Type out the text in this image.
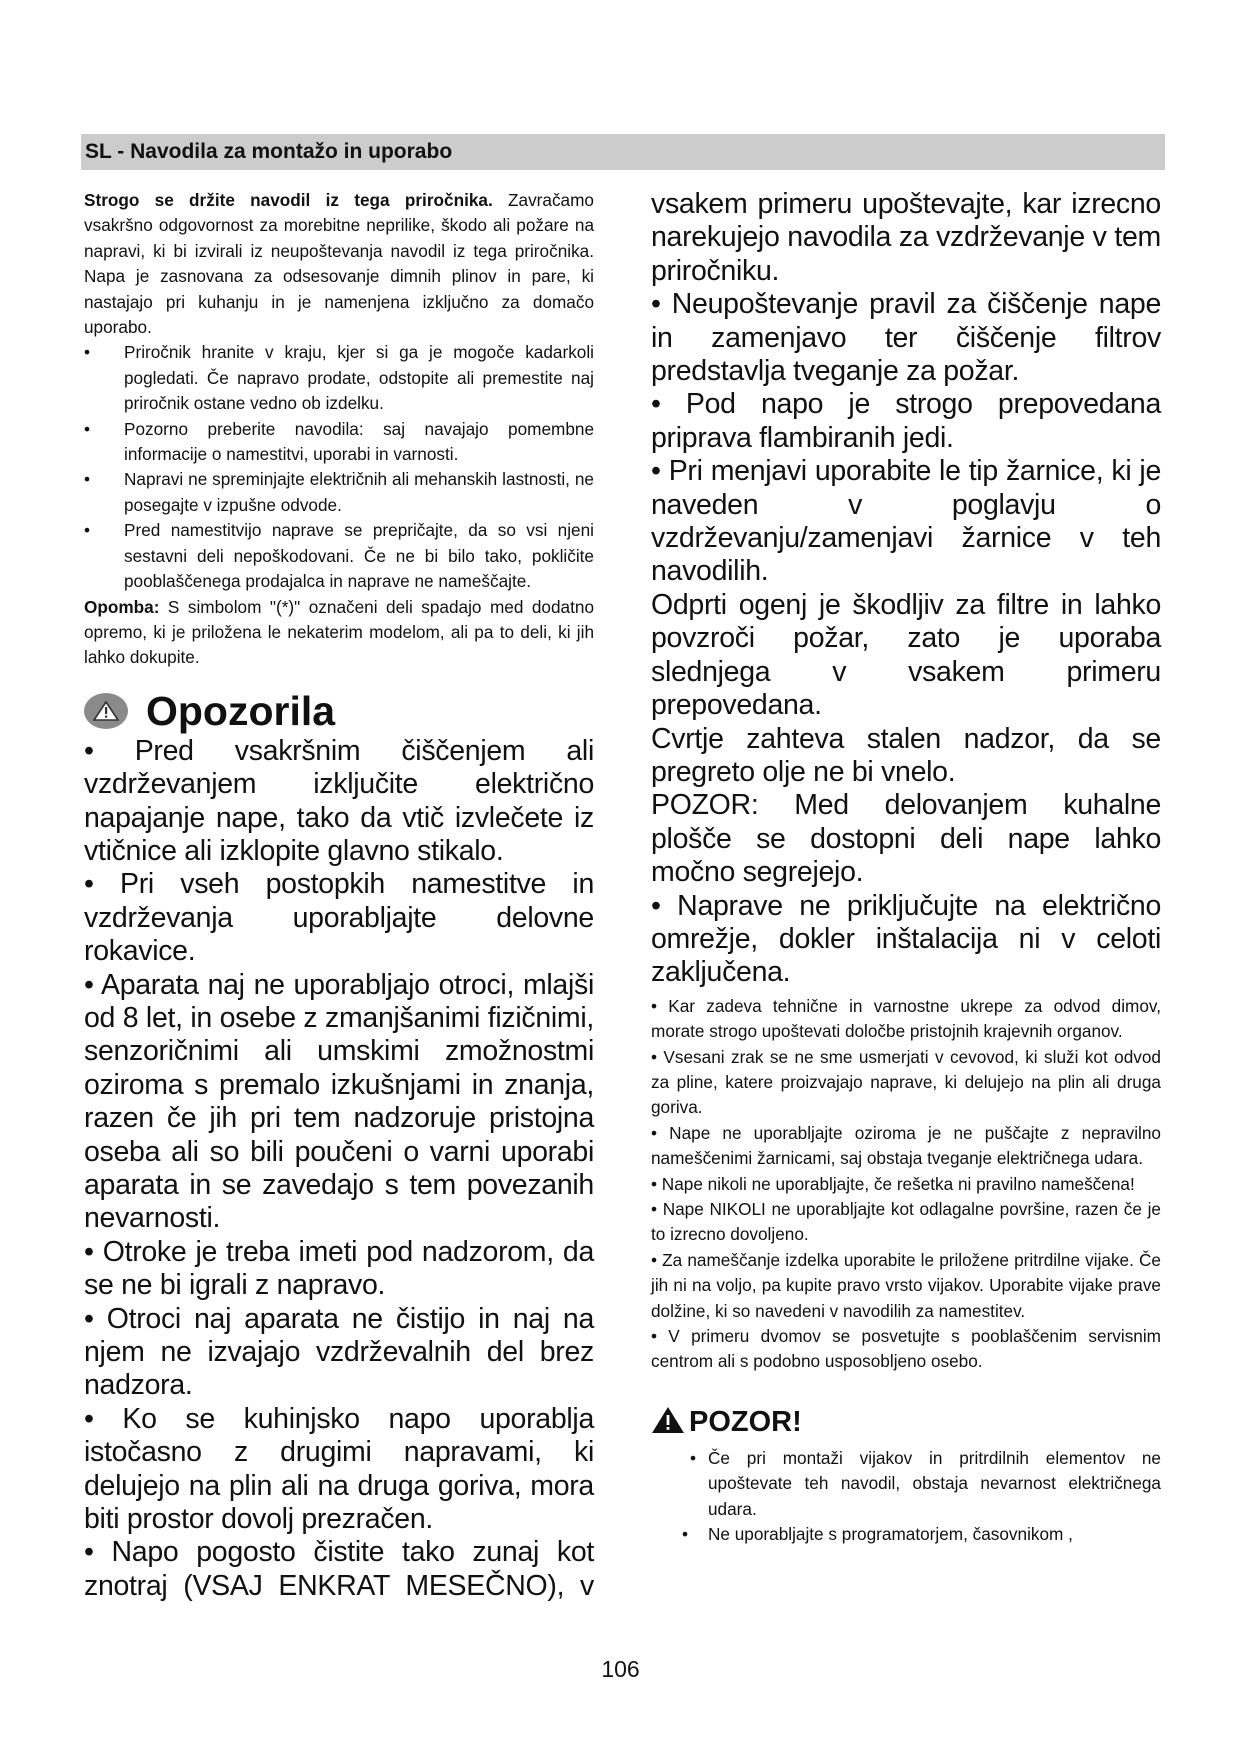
SL - Navodila za montažo in uporabo

Strogo se držite navodil iz tega priročnika. Zavračamo vsakršno odgovornost za morebitne neprilike, škodo ali požare na napravi, ki bi izvirali iz neupoštevanja navodil iz tega priročnika. Napa je zasnovana za odsesovanje dimnih plinov in pare, ki nastajajo pri kuhanju in je namenjena izključno za domačo uporabo.

• Priročnik hranite v kraju, kjer si ga je mogoče kadarkoli pogledati. Če napravo prodate, odstopite ali premestite naj priročnik ostane vedno ob izdelku.
• Pozorno preberite navodila: saj navajajo pomembne informacije o namestitvi, uporabi in varnosti.
• Napravi ne spreminjajte električnih ali mehanskih lastnosti, ne posegajte v izpušne odvode.
• Pred namestitvijo naprave se prepričajte, da so vsi njeni sestavni deli nepoškodovani. Če ne bi bilo tako, pokličite pooblaščenega prodajalca in naprave ne nameščajte.

Opomba: S simbolom "(*)" označeni deli spadajo med dodatno opremo, ki je priložena le nekaterim modelom, ali pa to deli, ki jih lahko dokupite.

Opozorila

• Pred vsakršnim čiščenjem ali vzdrževanjem izključite električno napajanje nape, tako da vtič izvlečete iz vtičnice ali izklopite glavno stikalo.

• Pri vseh postopkih namestitve in vzdrževanja uporabljajte delovne rokavice.

• Aparata naj ne uporabljajo otroci, mlajši od 8 let, in osebe z zmanjšanimi fizičnimi, senzoričnimi ali umskimi zmožnostmi oziroma s premalo izkušnjami in znanja, razen če jih pri tem nadzoruje pristojna oseba ali so bili poučeni o varni uporabi aparata in se zavedajo s tem povezanih nevarnosti.

• Otroke je treba imeti pod nadzorom, da se ne bi igrali z napravo.

• Otroci naj aparata ne čistijo in naj na njem ne izvajajo vzdrževalnih del brez nadzora.

• Ko se kuhinjsko napo uporablja istočasno z drugimi napravami, ki delujejo na plin ali na druga goriva, mora biti prostor dovolj prezračen.

• Napo pogosto čistite tako zunaj kot znotraj (VSAJ ENKRAT MESEČNO), v

vsakem primeru upoštevajte, kar izrecno narekujejo navodila za vzdrževanje v tem priročniku.

• Neupoštevanje pravil za čiščenje nape in zamenjavo ter čiščenje filtrov predstavlja tveganje za požar.

• Pod napo je strogo prepovedana priprava flambiranih jedi.

• Pri menjavi uporabite le tip žarnice, ki je naveden v poglavju o vzdrževanju/zamenjavi žarnice v teh navodilih.

Odprti ogenj je škodljiv za filtre in lahko povzroči požar, zato je uporaba slednjega v vsakem primeru prepovedana.

Cvrtje zahteva stalen nadzor, da se pregreto olje ne bi vnelo.

POZOR: Med delovanjem kuhalne plošče se dostopni deli nape lahko močno segrejejo.

• Naprave ne priključujte na električno omrežje, dokler inštalacija ni v celoti zaključena.

• Kar zadeva tehnične in varnostne ukrepe za odvod dimov, morate strogo upoštevati določbe pristojnih krajevnih organov.

• Vsesani zrak se ne sme usmerjati v cevovod, ki služi kot odvod za pline, katere proizvajajo naprave, ki delujejo na plin ali druga goriva.

• Nape ne uporabljajte oziroma je ne puščajte z nepravilno nameščenimi žarnicami, saj obstaja tveganje električnega udara.

• Nape nikoli ne uporabljajte, če rešetka ni pravilno nameščena!

• Nape NIKOLI ne uporabljajte kot odlagalne površine, razen če je to izrecno dovoljeno.

• Za nameščanje izdelka uporabite le priložene pritrdilne vijake. Če jih ni na voljo, pa kupite pravo vrsto vijakov. Uporabite vijake prave dolžine, ki so navedeni v navodilih za namestitev.

• V primeru dvomov se posvetujte s pooblaščenim servisnim centrom ali s podobno usposobljeno osebo.

POZOR!
• Če pri montaži vijakov in pritrdilnih elementov ne upoštevate teh navodil, obstaja nevarnost električnega udara.
• Ne uporabljajte s programatorjem, časovnikom ,
106
